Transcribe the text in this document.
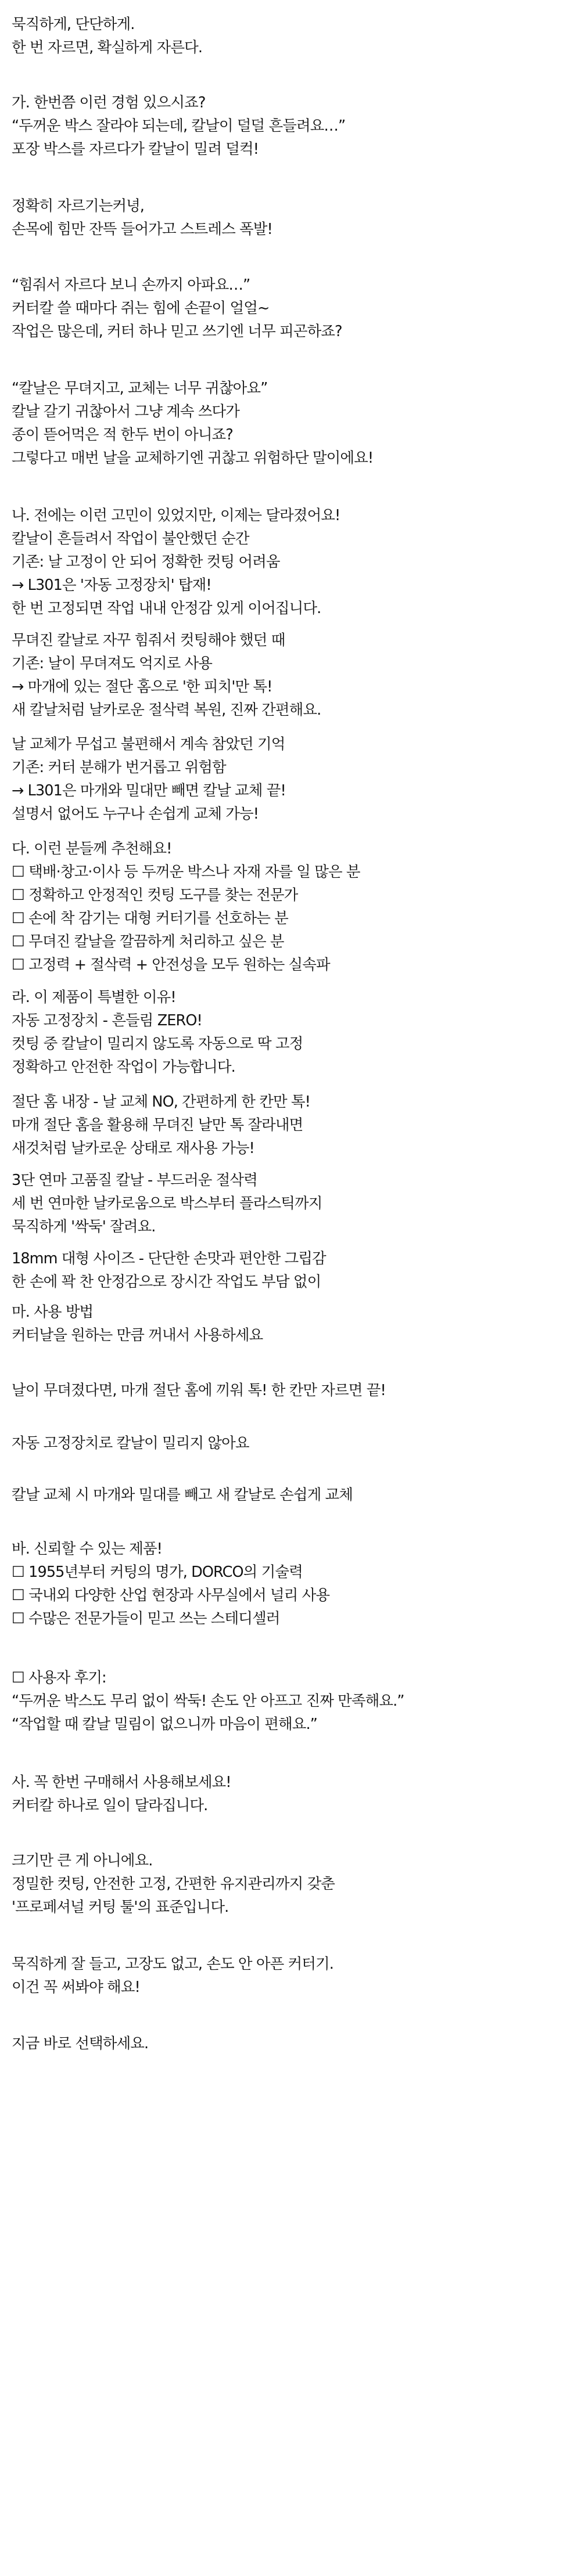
묵직하게, 단단하게.
한 번 자르면, 확실하게 자른다.
가. 한번쯤 이런 경험 있으시죠?
“두꺼운 박스 잘라야 되는데, 칼날이 덜덜 흔들려요…”
포장 박스를 자르다가 칼날이 밀려 덜컥!
정확히 자르기는커녕,
손목에 힘만 잔뜩 들어가고 스트레스 폭발!
“힘줘서 자르다 보니 손까지 아파요…”
커터칼 쓸 때마다 쥐는 힘에 손끝이 얼얼~
작업은 많은데, 커터 하나 믿고 쓰기엔 너무 피곤하죠?
“칼날은 무뎌지고, 교체는 너무 귀찮아요”
칼날 갈기 귀찮아서 그냥 계속 쓰다가
종이 뜯어먹은 적 한두 번이 아니죠?
그렇다고 매번 날을 교체하기엔 귀찮고 위험하단 말이에요!
나. 전에는 이런 고민이 있었지만, 이제는 달라졌어요!
칼날이 흔들려서 작업이 불안했던 순간
기존: 날 고정이 안 되어 정확한 컷팅 어려움
→ L301은 '자동 고정장치' 탑재!
한 번 고정되면 작업 내내 안정감 있게 이어집니다.
무뎌진 칼날로 자꾸 힘줘서 컷팅해야 했던 때
기존: 날이 무뎌져도 억지로 사용
→ 마개에 있는 절단 홈으로 '한 피치'만 톡!
새 칼날처럼 날카로운 절삭력 복원, 진짜 간편해요.
날 교체가 무섭고 불편해서 계속 참았던 기억
기존: 커터 분해가 번거롭고 위험함
→ L301은 마개와 밀대만 빼면 칼날 교체 끝!
설명서 없어도 누구나 손쉽게 교체 가능!
다. 이런 분들께 추천해요!
☐ 택배·창고·이사 등 두꺼운 박스나 자재 자를 일 많은 분
☐ 정확하고 안정적인 컷팅 도구를 찾는 전문가
☐ 손에 착 감기는 대형 커터기를 선호하는 분
☐ 무뎌진 칼날을 깔끔하게 처리하고 싶은 분
☐ 고정력 + 절삭력 + 안전성을 모두 원하는 실속파
라. 이 제품이 특별한 이유!
자동 고정장치 - 흔들림 ZERO!
컷팅 중 칼날이 밀리지 않도록 자동으로 딱 고정
정확하고 안전한 작업이 가능합니다.
절단 홈 내장 - 날 교체 NO, 간편하게 한 칸만 톡!
마개 절단 홈을 활용해 무뎌진 날만 톡 잘라내면
새것처럼 날카로운 상태로 재사용 가능!
3단 연마 고품질 칼날 - 부드러운 절삭력
세 번 연마한 날카로움으로 박스부터 플라스틱까지
묵직하게 '싹둑' 잘려요.
18mm 대형 사이즈 - 단단한 손맛과 편안한 그립감
한 손에 꽉 찬 안정감으로 장시간 작업도 부담 없이
마. 사용 방법
커터날을 원하는 만큼 꺼내서 사용하세요
날이 무뎌졌다면, 마개 절단 홈에 끼워 톡! 한 칸만 자르면 끝!
자동 고정장치로 칼날이 밀리지 않아요
칼날 교체 시 마개와 밀대를 빼고 새 칼날로 손쉽게 교체
바. 신뢰할 수 있는 제품!
☐ 1955년부터 커팅의 명가, DORCO의 기술력
☐ 국내외 다양한 산업 현장과 사무실에서 널리 사용
☐ 수많은 전문가들이 믿고 쓰는 스테디셀러
☐ 사용자 후기:
“두꺼운 박스도 무리 없이 싹둑! 손도 안 아프고 진짜 만족해요.”
“작업할 때 칼날 밀림이 없으니까 마음이 편해요.”
사. 꼭 한번 구매해서 사용해보세요!
커터칼 하나로 일이 달라집니다.
크기만 큰 게 아니에요.
정밀한 컷팅, 안전한 고정, 간편한 유지관리까지 갖춘
'프로페셔널 커팅 툴'의 표준입니다.
묵직하게 잘 들고, 고장도 없고, 손도 안 아픈 커터기.
이건 꼭 써봐야 해요!
지금 바로 선택하세요.
